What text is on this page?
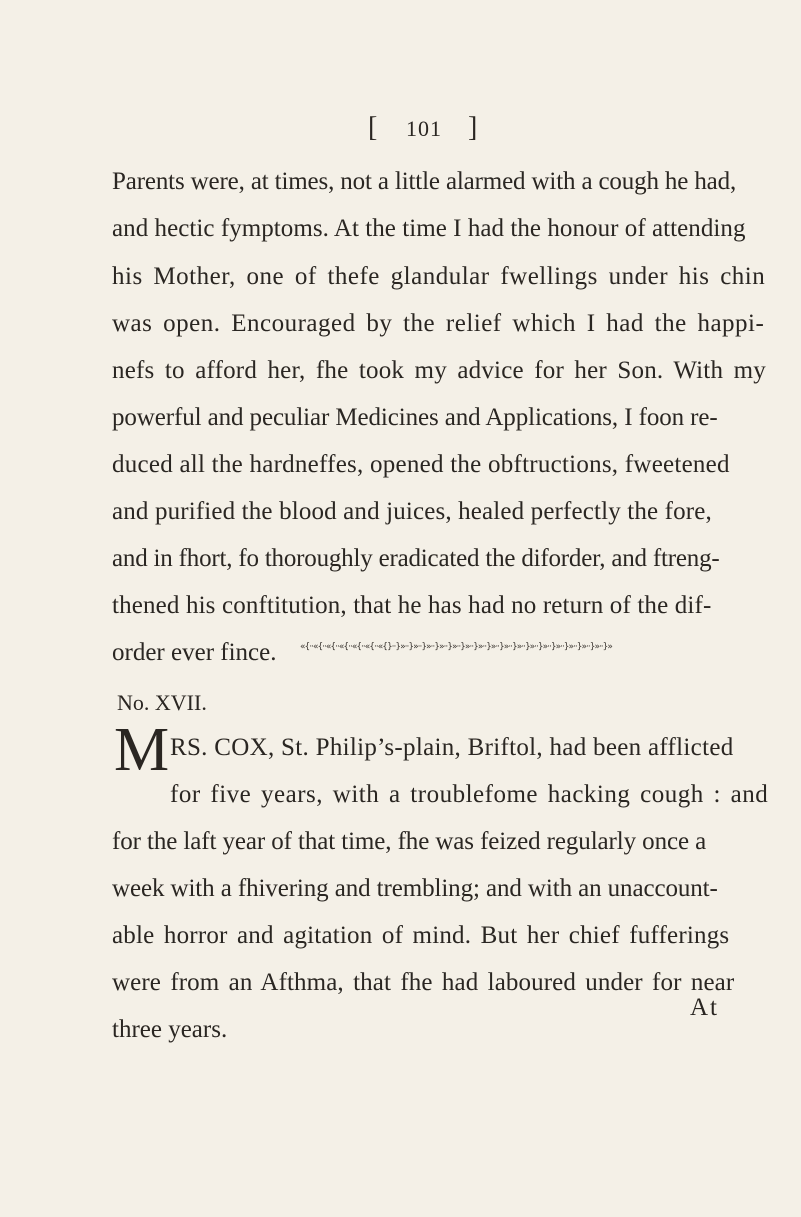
[ 101 ]
Parents were, at times, not a little alarmed with a cough he had,
and hectic fymptoms. At the time I had the honour of attending
his Mother, one of thefe glandular fwellings under his chin
was open. Encouraged by the relief which I had the happi-
nefs to afford her, fhe took my advice for her Son. With my
powerful and peculiar Medicines and Applications, I foon re-
duced all the hardneffes, opened the obftructions, fweetened
and purified the blood and juices, healed perfectly the fore,
and in fhort, fo thoroughly eradicated the diforder, and ftreng-
thened his conftitution, that he has had no return of the dif-
order ever fince.	«{··«{··«{··«{··«{··«{··«{}··}»··}»··}»··}»··}»··}»··}»··}»··}»··}»··}»··}»··}»··}»··}»··}»··}»
No. XVII.
M RS. COX, St. Philip’s-plain, Briftol, had been afflicted
for five years, with a troublefome hacking cough : and
for the laft year of that time, fhe was feized regularly once a
week with a fhivering and trembling; and with an unaccount-
able horror and agitation of mind. But her chief fufferings
were from an Afthma, that fhe had laboured under for near
three years.
At
